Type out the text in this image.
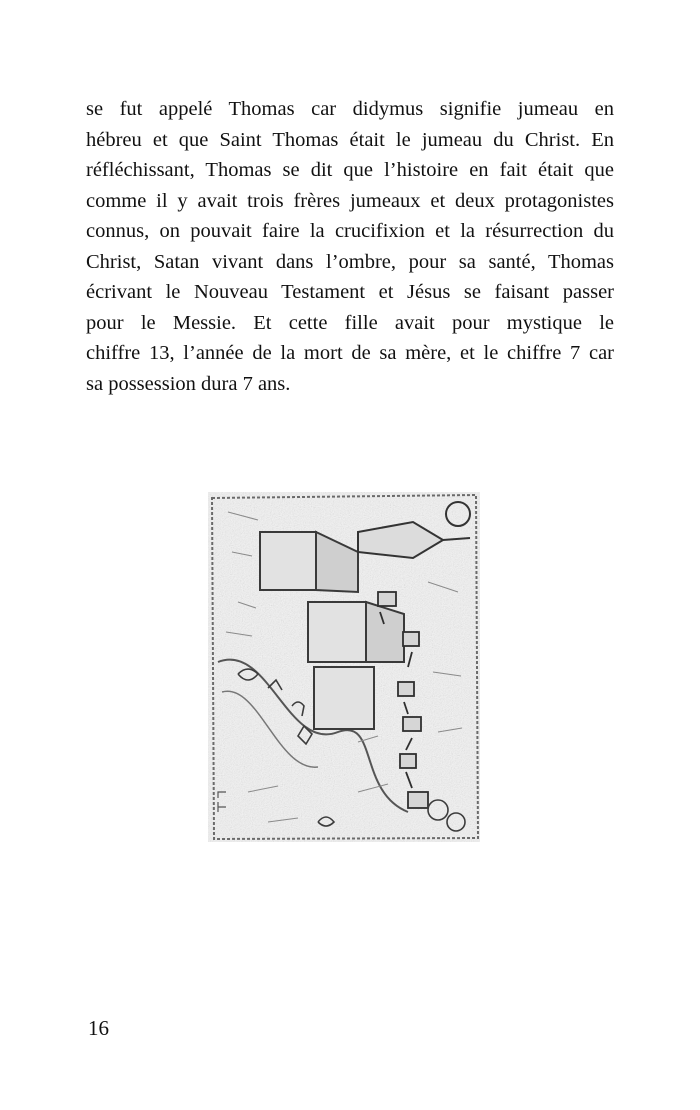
se fut appelé Thomas car didymus signifie jumeau en
hébreu et que Saint Thomas était le jumeau du Christ. En
réfléchissant, Thomas se dit que l’histoire en fait était que
comme il y avait trois frères jumeaux et deux protagonistes
connus, on pouvait faire la crucifixion et la résurrection du
Christ, Satan vivant dans l’ombre, pour sa santé, Thomas
écrivant le Nouveau Testament et Jésus se faisant passer
pour le Messie. Et cette fille avait pour mystique le
chiffre 13, l’année de la mort de sa mère, et le chiffre 7 car
sa possession dura 7 ans.
16
